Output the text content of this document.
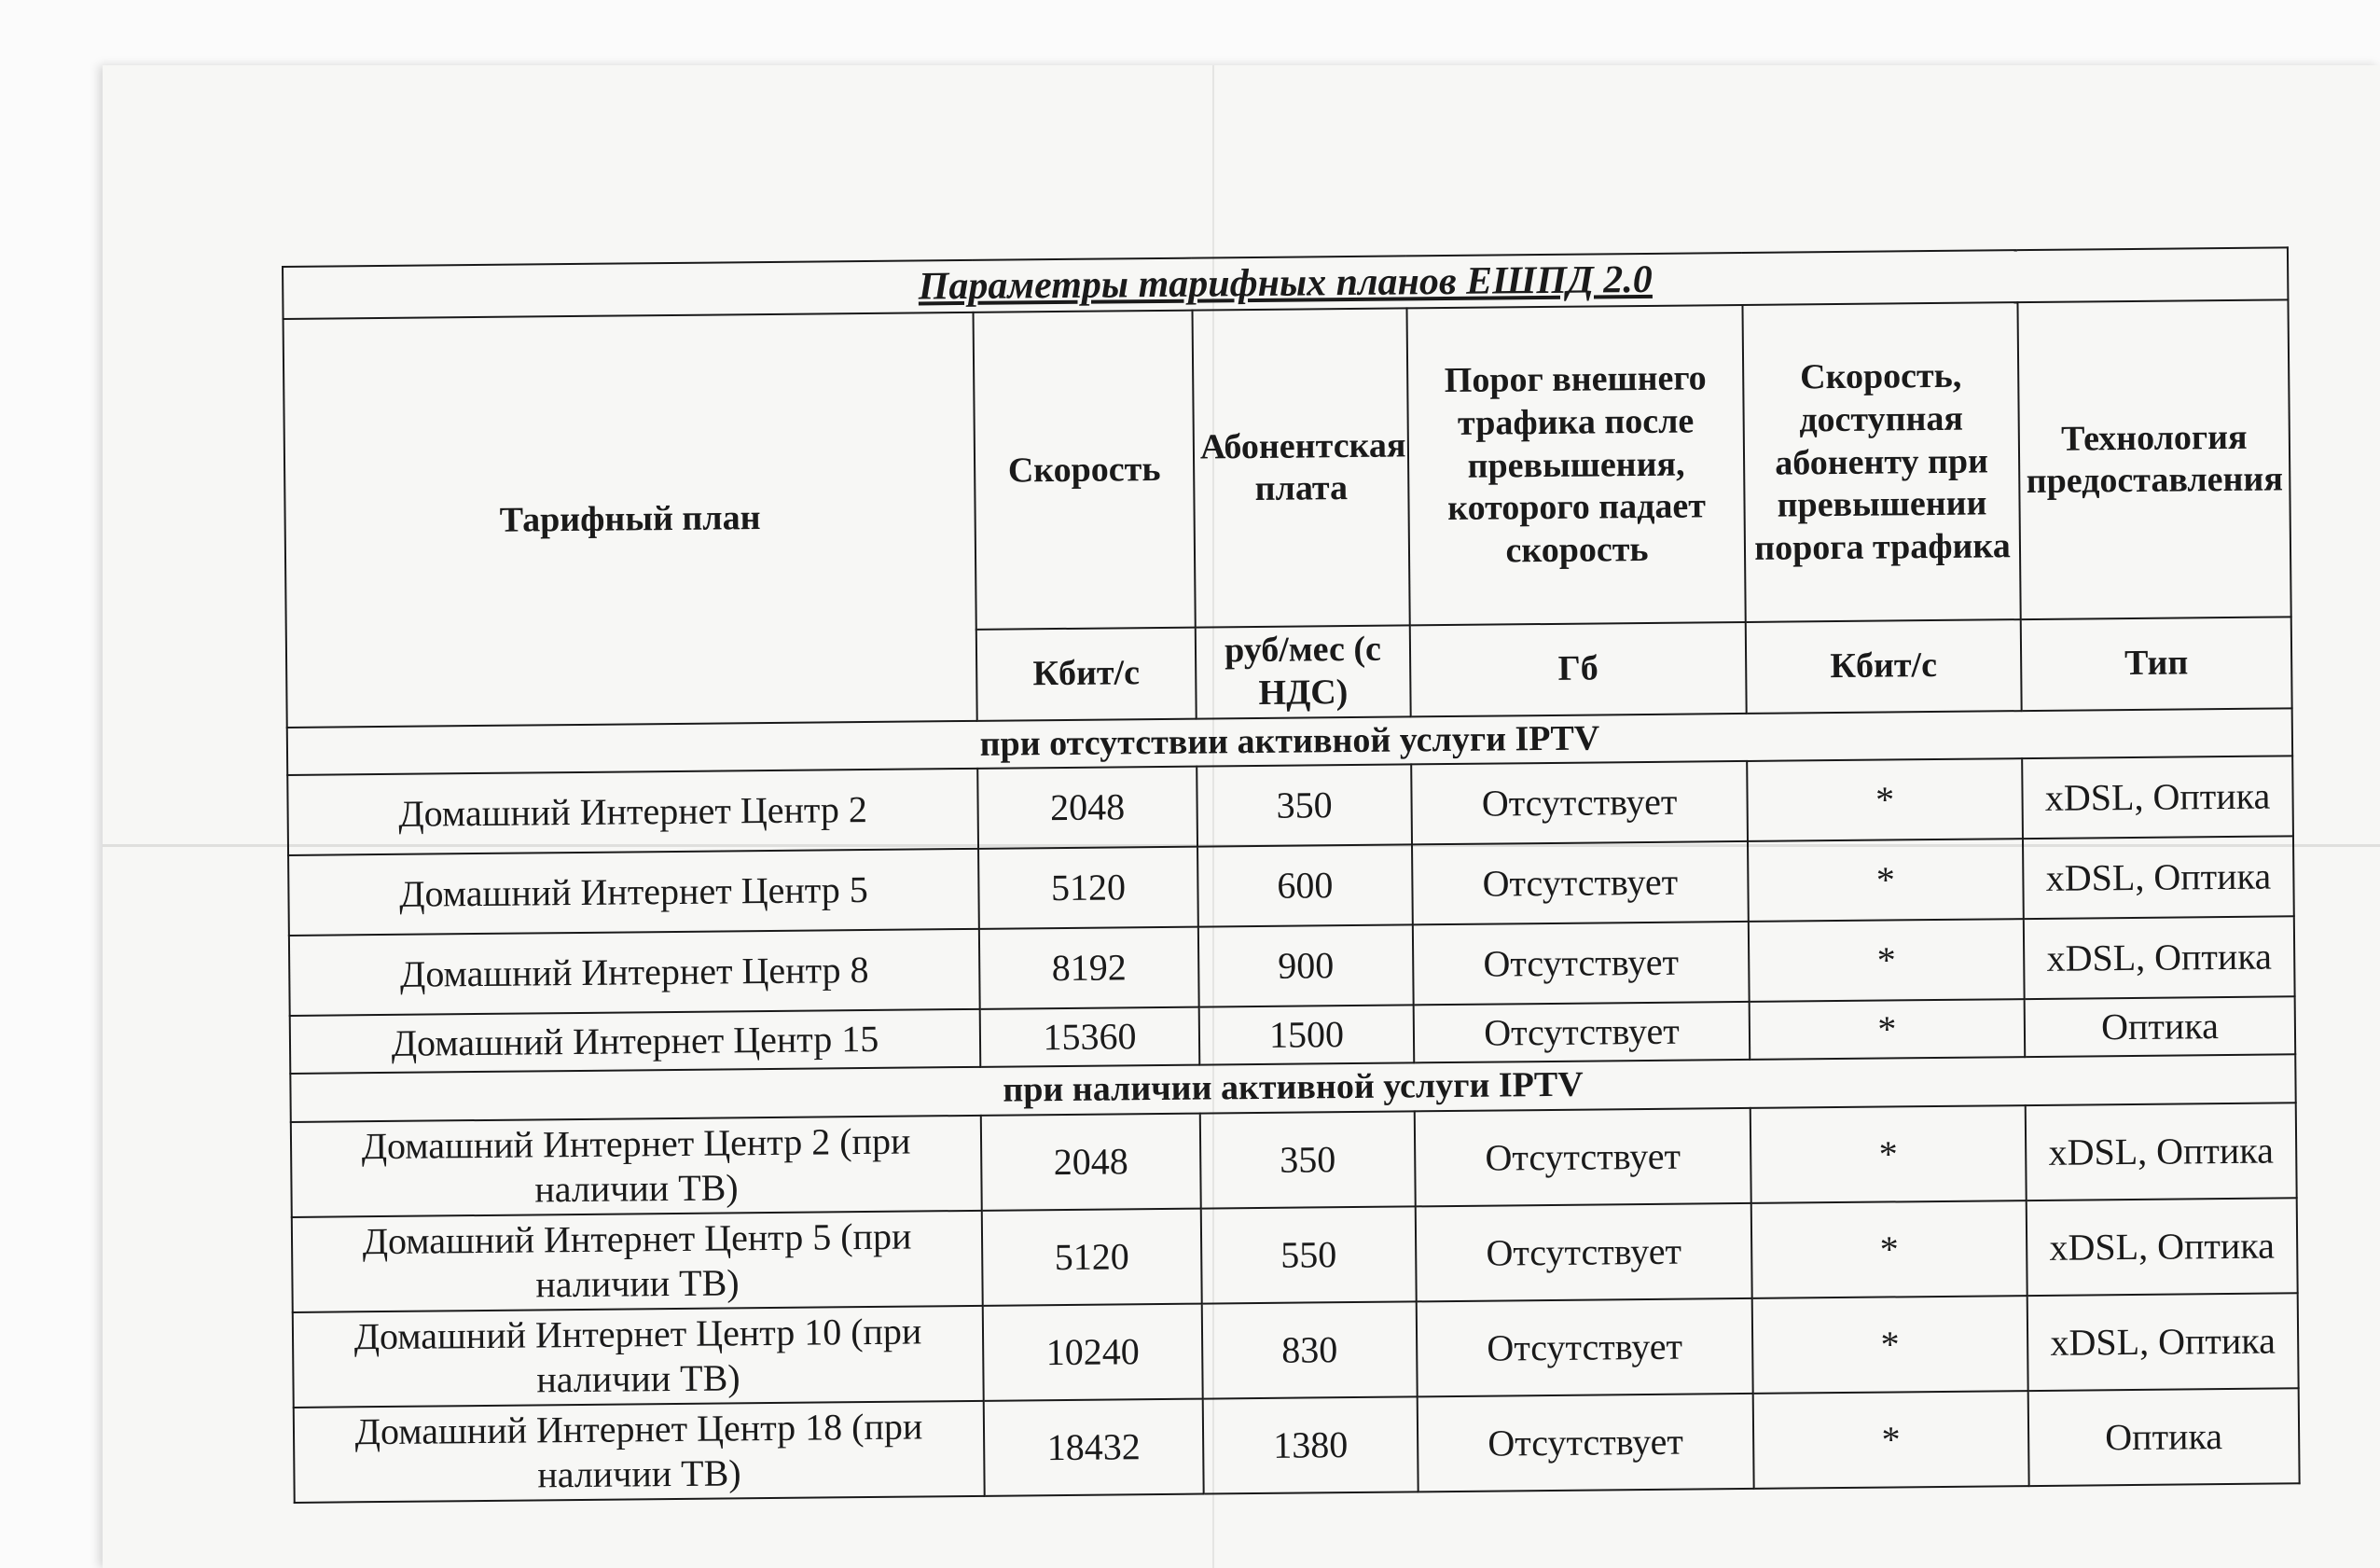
Параметры тарифных планов ЕШПД 2.0					
Тарифный план	Скорость	Абонентская плата	Порог внешнего трафика после превышения, которого падает скорость	Скорость, доступная абоненту при превышении порога трафика	Технология предоставления
	Кбит/с	руб/мес (с НДС)	Гб	Кбит/с	Тип
при отсутствии активной услуги IPTV					
Домашний Интернет Центр 2	2048	350	Отсутствует	*	xDSL, Оптика
Домашний Интернет Центр 5	5120	600	Отсутствует	*	xDSL, Оптика
Домашний Интернет Центр 8	8192	900	Отсутствует	*	xDSL, Оптика
Домашний Интернет Центр 15	15360	1500	Отсутствует	*	Оптика
при наличии активной услуги IPTV					
Домашний Интернет Центр 2 (при наличии ТВ)	2048	350	Отсутствует	*	xDSL, Оптика
Домашний Интернет Центр 5 (при наличии ТВ)	5120	550	Отсутствует	*	xDSL, Оптика
Домашний Интернет Центр 10 (при наличии ТВ)	10240	830	Отсутствует	*	xDSL, Оптика
Домашний Интернет Центр 18 (при наличии ТВ)	18432	1380	Отсутствует	*	Оптика
